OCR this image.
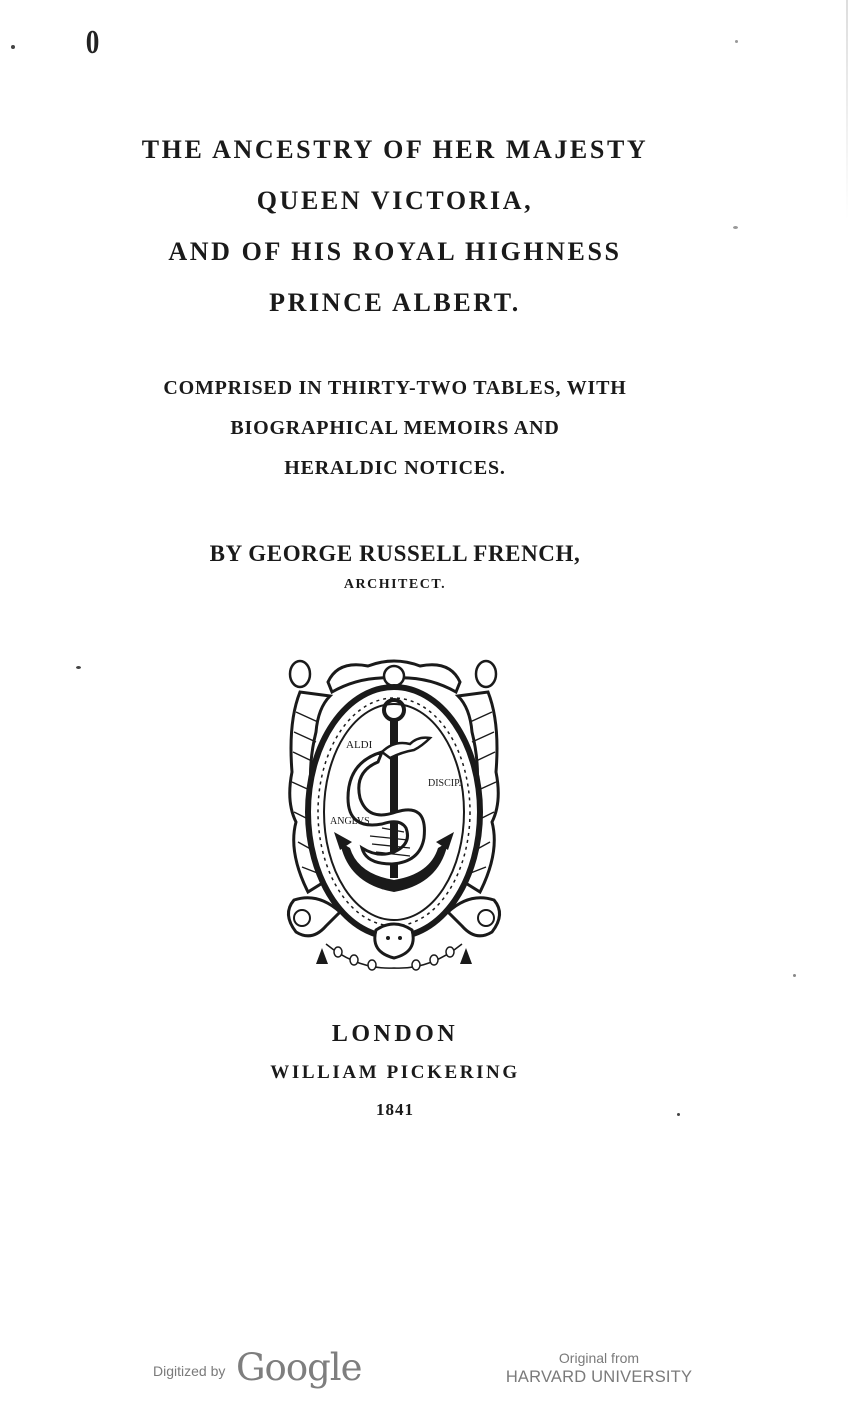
0
THE ANCESTRY OF HER MAJESTY
QUEEN VICTORIA,
AND OF HIS ROYAL HIGHNESS
PRINCE ALBERT.
COMPRISED IN THIRTY-TWO TABLES, WITH
BIOGRAPHICAL MEMOIRS AND
HERALDIC NOTICES.
BY GEORGE RUSSELL FRENCH,
ARCHITECT.
ALDI
DISCIP.
ANGLVS
LONDON
WILLIAM PICKERING
1841
Digitized by Google	Original from
HARVARD UNIVERSITY
